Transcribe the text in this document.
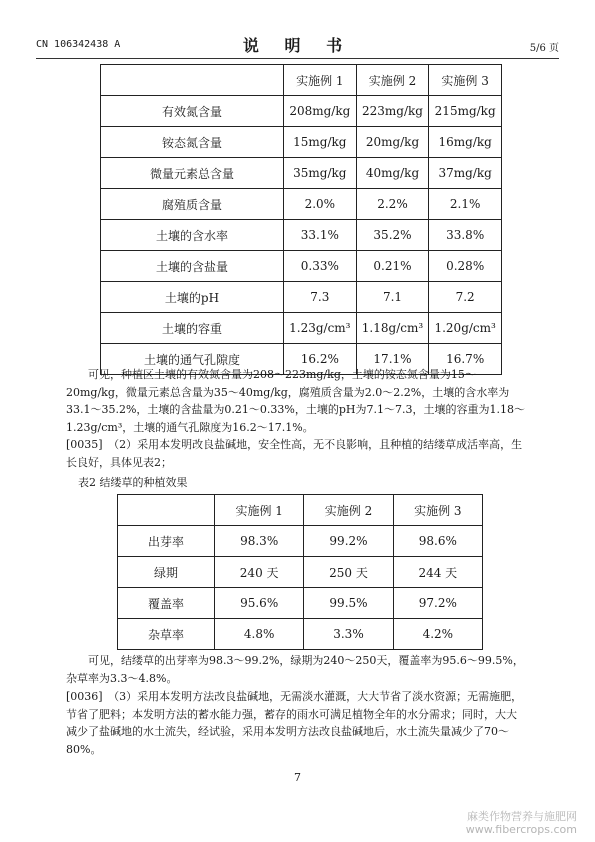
CN 106342438 A	说 明 书	5/6 页
	实施例 1	实施例 2	实施例 3
有效氮含量	208mg/kg	223mg/kg	215mg/kg
铵态氮含量	15mg/kg	20mg/kg	16mg/kg
微量元素总含量	35mg/kg	40mg/kg	37mg/kg
腐殖质含量	2.0%	2.2%	2.1%
土壤的含水率	33.1%	35.2%	33.8%
土壤的含盐量	0.33%	0.21%	0.28%
土壤的pH	7.3	7.1	7.2
土壤的容重	1.23g/cm³	1.18g/cm³	1.20g/cm³
土壤的通气孔隙度	16.2%	17.1%	16.7%
可见，种植区土壤的有效氮含量为208～223mg/kg，土壤的铵态氮含量为15～20mg/kg，微量元素总含量为35～40mg/kg，腐殖质含量为2.0～2.2%，土壤的含水率为33.1～35.2%，土壤的含盐量为0.21～0.33%，土壤的pH为7.1～7.3，土壤的容重为1.18～1.23g/cm³，土壤的通气孔隙度为16.2～17.1%。
[0035]　（2）采用本发明改良盐碱地，安全性高，无不良影响，且种植的结缕草成活率高，生长良好，具体见表2；
表2 结缕草的种植效果
	实施例 1	实施例 2	实施例 3
出芽率	98.3%	99.2%	98.6%
绿期	240 天	250 天	244 天
覆盖率	95.6%	99.5%	97.2%
杂草率	4.8%	3.3%	4.2%
可见，结缕草的出芽率为98.3～99.2%，绿期为240～250天，覆盖率为95.6～99.5%，杂草率为3.3～4.8%。
[0036]　（3）采用本发明方法改良盐碱地，无需淡水灌溉，大大节省了淡水资源；无需施肥，节省了肥料；本发明方法的蓄水能力强，蓄存的雨水可满足植物全年的水分需求；同时，大大减少了盐碱地的水土流失，经试验，采用本发明方法改良盐碱地后，水土流失量减少了70～80%。
7
麻类作物营养与施肥网
www.fibercrops.com
